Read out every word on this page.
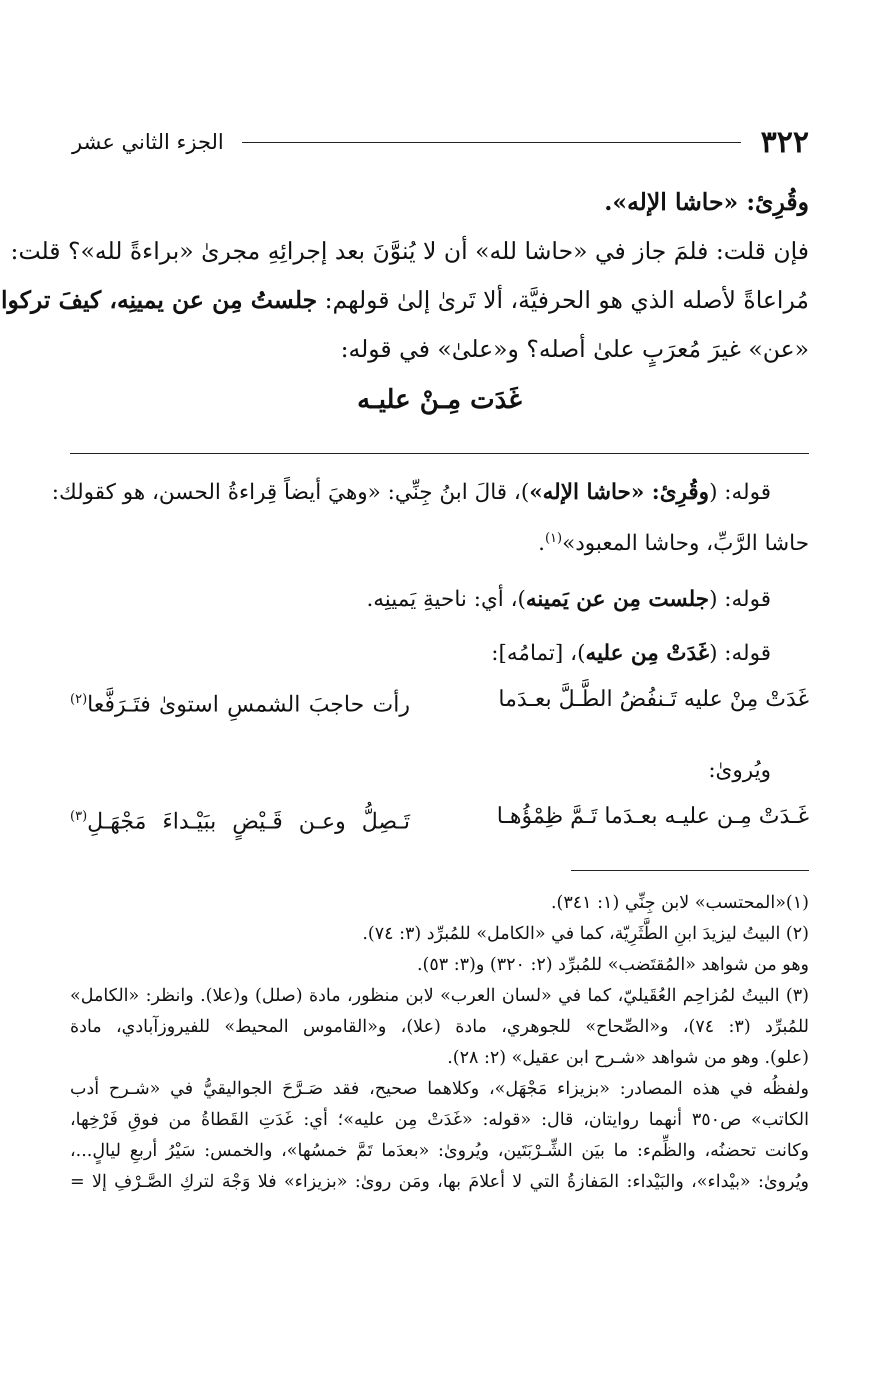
٣٢٢
الجزء الثاني عشر
وقُرِئ: «حاشا الإله».
فإن قلت: فلمَ جاز في «حاشا لله» أن لا يُنوَّنَ بعد إجرائِهِ مجرىٰ «براءةً لله»؟ قلت:
مُراعاةً لأصله الذي هو الحرفيَّة، ألا تَرىٰ إلىٰ قولهم: جلستُ مِن عن يمينِه، كيفَ تركوا
«عن» غيرَ مُعرَبٍ علىٰ أصله؟ و«علىٰ» في قوله:
غَدَت مِـنْ عليـه
قوله: (وقُرِئ: «حاشا الإله»)، قالَ ابنُ جِنِّي: «وهيَ أيضاً قِراءةُ الحسن، هو كقولك:
حاشا الرَّبِّ، وحاشا المعبود»$^{(١)}$.
قوله: (جلست مِن عن يَمينه)، أي: ناحيةِ يَمينِه.
قوله: (غَدَتْ مِن عليه)، [تمامُه]:
غَدَتْ مِنْ عليه تَـنفُضُ الطَّـلَّ بعـدَما
رأت حاجبَ الشمسِ استوىٰ فتَـرَفَّعا$^{(٢)}$
ويُروىٰ:
غَـدَتْ مِـن عليـه بعـدَما تَـمَّ ظِمْؤُهـا
تَـصِلُّ وعـن قَـيْضٍ ببَيْـداءَ مَجْهَـلِ$^{(٣)}$
(١)«المحتسب» لابن جِنِّي (١: ٣٤١).
(٢) البيتُ ليزيدَ ابنِ الطَّثَرِيّة، كما في «الكامل» للمُبرِّد (٣: ٧٤).
وهو من شواهد «المُقتَضب» للمُبرِّد (٢: ٣٢٠) و(٣: ٥٣).
(٣) البيتُ لمُزاحِم العُقَيليّ، كما في «لسان العرب» لابن منظور، مادة (صلل) و(علا). وانظر: «الكامل»
للمُبرِّد (٣: ٧٤)، و«الصِّحاح» للجوهري، مادة (علا)، و«القاموس المحيط» للفيروزآبادي، مادة
(علو). وهو من شواهد «شـرح ابن عقيل» (٢: ٢٨).
ولفظُه في هذه المصادر: «بزيزاء مَجْهَل»، وكلاهما صحيح، فقد صَـرَّحَ الجواليقيُّ في «شـرح أدب
الكاتب» ص٣٥٠ أنهما روايتان، قال: «قوله: «غَدَتْ مِن عليه»؛ أي: غَدَتِ القَطاةُ من فوقِ فَرْخِها،
وكانت تحضنُه، والظِّمء: ما بيَن الشِّـرْبَتَين، ويُروىٰ: «بعدَما تَمَّ خمسُها»، والخمس: سَيْرُ أربعِ ليالٍ...،
ويُروىٰ: «بيْداء»، والبَيْداء: المَفازةُ التي لا أعلامَ بها، ومَن روىٰ: «بزيزاء» فلا وَجْهَ لتركِ الصَّـرْفِ إلا =
